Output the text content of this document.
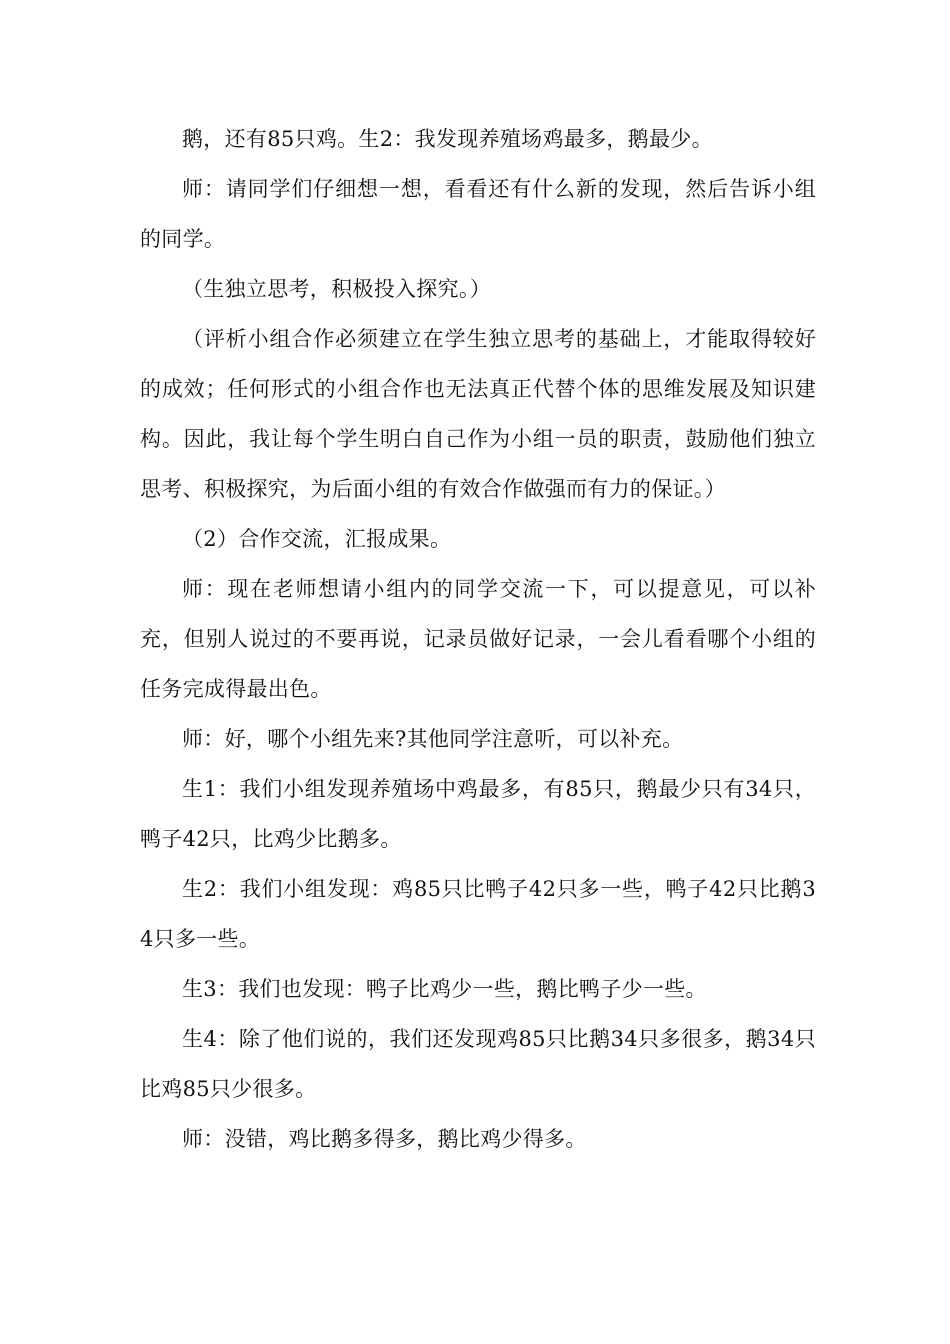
鹅，还有85只鸡。生2：我发现养殖场鸡最多，鹅最少。

师：请同学们仔细想一想，看看还有什么新的发现，然后告诉小组的同学。

（生独立思考，积极投入探究。）

（评析小组合作必须建立在学生独立思考的基础上，才能取得较好的成效；任何形式的小组合作也无法真正代替个体的思维发展及知识建构。因此，我让每个学生明白自己作为小组一员的职责，鼓励他们独立思考、积极探究，为后面小组的有效合作做强而有力的保证。）

（2）合作交流，汇报成果。

师：现在老师想请小组内的同学交流一下，可以提意见，可以补充，但别人说过的不要再说，记录员做好记录，一会儿看看哪个小组的任务完成得最出色。

师：好，哪个小组先来?其他同学注意听，可以补充。

生1：我们小组发现养殖场中鸡最多，有85只，鹅最少只有34只，鸭子42只，比鸡少比鹅多。

生2：我们小组发现：鸡85只比鸭子42只多一些，鸭子42只比鹅34只多一些。

生3：我们也发现：鸭子比鸡少一些，鹅比鸭子少一些。

生4：除了他们说的，我们还发现鸡85只比鹅34只多很多，鹅34只比鸡85只少很多。

师：没错，鸡比鹅多得多，鹅比鸡少得多。
